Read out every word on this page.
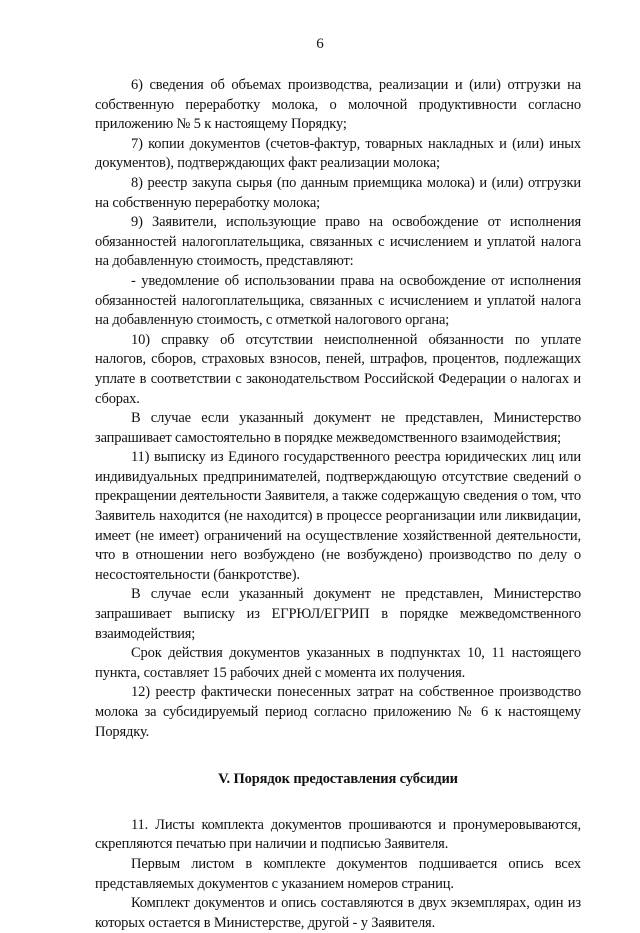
6

6) сведения об объемах производства, реализации и (или) отгрузки на собственную переработку молока, о молочной продуктивности согласно приложению № 5 к настоящему Порядку;

7) копии документов (счетов-фактур, товарных накладных и (или) иных документов), подтверждающих факт реализации молока;

8) реестр закупа сырья (по данным приемщика молока) и (или) отгрузки на собственную переработку молока;

9) Заявители, использующие право на освобождение от исполнения обязанностей налогоплательщика, связанных с исчислением и уплатой налога на добавленную стоимость, представляют:

- уведомление об использовании права на освобождение от исполнения обязанностей налогоплательщика, связанных с исчислением и уплатой налога на добавленную стоимость, с отметкой налогового органа;

10) справку об отсутствии неисполненной обязанности по уплате налогов, сборов, страховых взносов, пеней, штрафов, процентов, подлежащих уплате в соответствии с законодательством Российской Федерации о налогах и сборах.

В случае если указанный документ не представлен, Министерство запрашивает самостоятельно в порядке межведомственного взаимодействия;

11) выписку из Единого государственного реестра юридических лиц или индивидуальных предпринимателей, подтверждающую отсутствие сведений о прекращении деятельности Заявителя, а также содержащую сведения о том, что Заявитель находится (не находится) в процессе реорганизации или ликвидации, имеет (не имеет) ограничений на осуществление хозяйственной деятельности, что в отношении него возбуждено (не возбуждено) производство по делу о несостоятельности (банкротстве).

В случае если указанный документ не представлен, Министерство запрашивает выписку из ЕГРЮЛ/ЕГРИП в порядке межведомственного взаимодействия;

Срок действия документов указанных в подпунктах 10, 11 настоящего пункта, составляет 15 рабочих дней с момента их получения.

12) реестр фактически понесенных затрат на собственное производство молока за субсидируемый период согласно приложению № 6 к настоящему Порядку.

V. Порядок предоставления субсидии

11. Листы комплекта документов прошиваются и пронумеровываются, скрепляются печатью при наличии и подписью Заявителя.

Первым листом в комплекте документов подшивается опись всех представляемых документов с указанием номеров страниц.

Комплект документов и опись составляются в двух экземплярах, один из которых остается в Министерстве, другой - у Заявителя.
